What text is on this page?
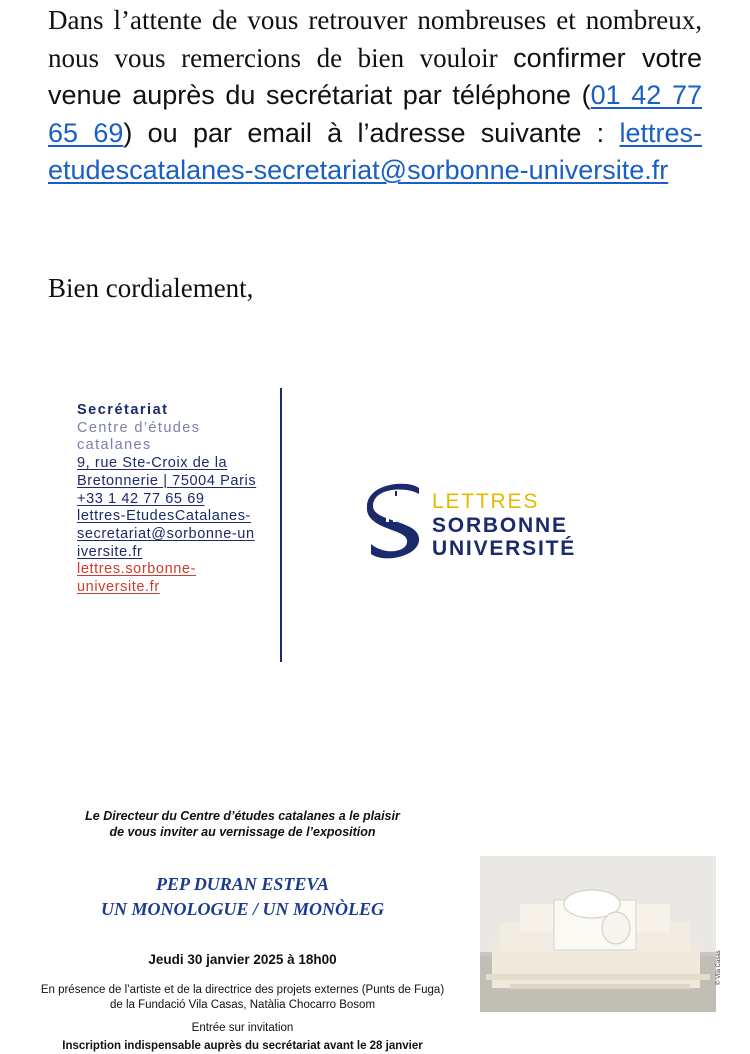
Dans l’attente de vous retrouver nombreuses et nombreux, nous vous remercions de bien vouloir confirmer votre venue auprès du secrétariat par téléphone (01 42 77 65 69) ou par email à l’adresse suivante : lettres-etudescatalanes-secretariat@sorbonne-universite.fr

Bien cordialement,

Secrétariat
Centre d’études catalanes
9, rue Ste-Croix de la Bretonnerie | 75004 Paris
+33 1 42 77 65 69
lettres-EtudesCatalanes-secretariat@sorbonne-universite.fr
lettres.sorbonne-universite.fr
LETTRES
SORBONNE
UNIVERSITÉ
Le Directeur du Centre d’études catalanes a le plaisir
de vous inviter au vernissage de l’exposition
PEP DURAN ESTEVA
UN MONOLOGUE / UN MONÒLEG
Jeudi 30 janvier 2025 à 18h00
En présence de l’artiste et de la directrice des projets externes (Punts de Fuga)
de la Fundació Vila Casas, Natàlia Chocarro Bosom
Entrée sur invitation
Inscription indispensable auprès du secrétariat avant le 28 janvier
© Vila Casas
